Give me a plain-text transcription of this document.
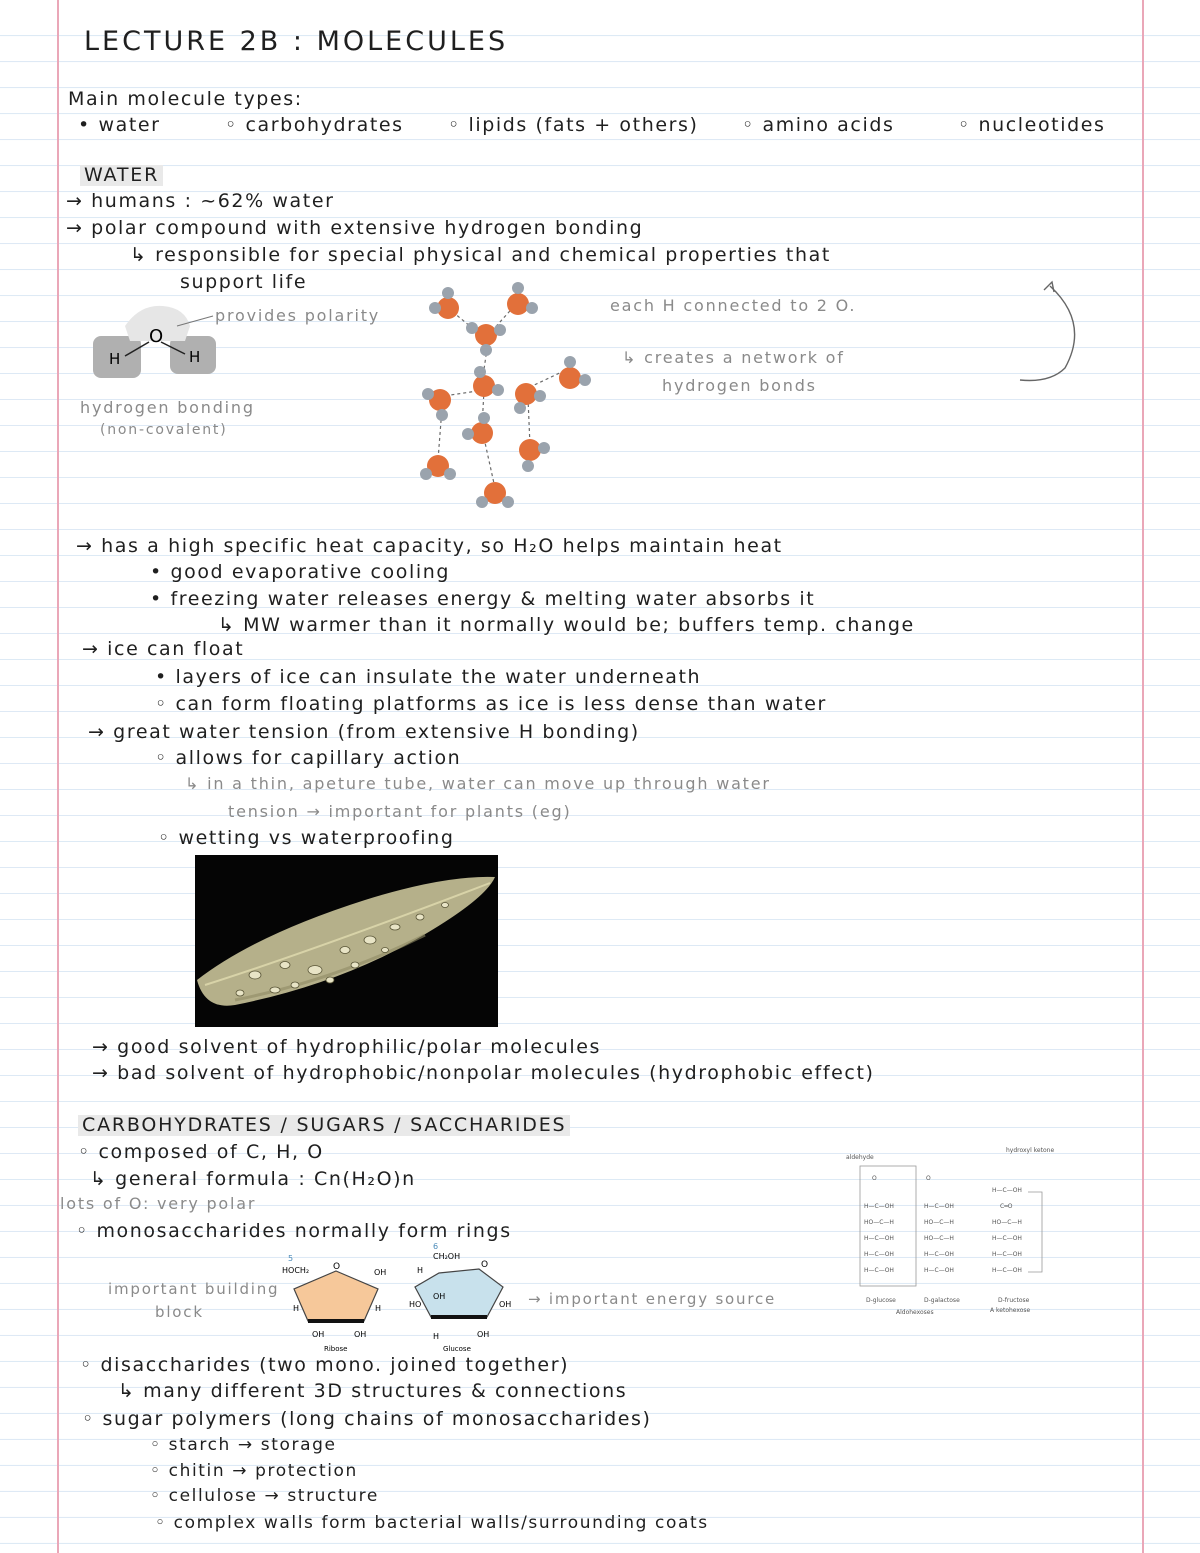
LECTURE 2B : MOLECULES
Main molecule types:
• water	◦ carbohydrates ◦ lipids (fats + others) ◦ amino acids	◦ nucleotides
WATER
→ humans : ~62% water
→ polar compound with extensive hydrogen bonding
↳ responsible for special physical and chemical properties that
support life
O
H	H
provides polarity
hydrogen bonding
(non-covalent)
each H connected to 2 O.
↳ creates a network of
hydrogen bonds
→ has a high specific heat capacity, so H₂O helps maintain heat
• good evaporative cooling
• freezing water releases energy & melting water absorbs it
↳ MW warmer than it normally would be; buffers temp. change
→ ice can float
• layers of ice can insulate the water underneath
◦ can form floating platforms as ice is less dense than water
→ great water tension (from extensive H bonding)
◦ allows for capillary action
↳ in a thin, apeture tube, water can move up through water
tension → important for plants (eg)
◦ wetting vs waterproofing
→ good solvent of hydrophilic/polar molecules
→ bad solvent of hydrophobic/nonpolar molecules (hydrophobic effect)
CARBOHYDRATES / SUGARS / SACCHARIDES
◦ composed of C, H, O
↳ general formula : Cn(H₂O)n
lots of O: very polar
◦ monosaccharides normally form rings
important building
block
5
HOCH₂	O
OH
H	H
OH	OH
Ribose
6
CH₂OH
O
HO	OH
OH
H
H	OH
Glucose
→ important energy source
aldehyde
hydroxyl ketone
O
H—C—OH
HO—C—H
H—C—OH
H—C—OH
H—C—OH
O
H—C—OH
HO—C—H
HO—C—H
H—C—OH
H—C—OH
H—C—OH
C═O
HO—C—H
H—C—OH
H—C—OH
H—C—OH
D-glucose	D-galactose	D-fructose
Aldohexoses	A ketohexose
◦ disaccharides (two mono. joined together)
↳ many different 3D structures & connections
◦ sugar polymers (long chains of monosaccharides)
◦ starch → storage
◦ chitin → protection
◦ cellulose → structure
◦ complex walls form bacterial walls/surrounding coats
